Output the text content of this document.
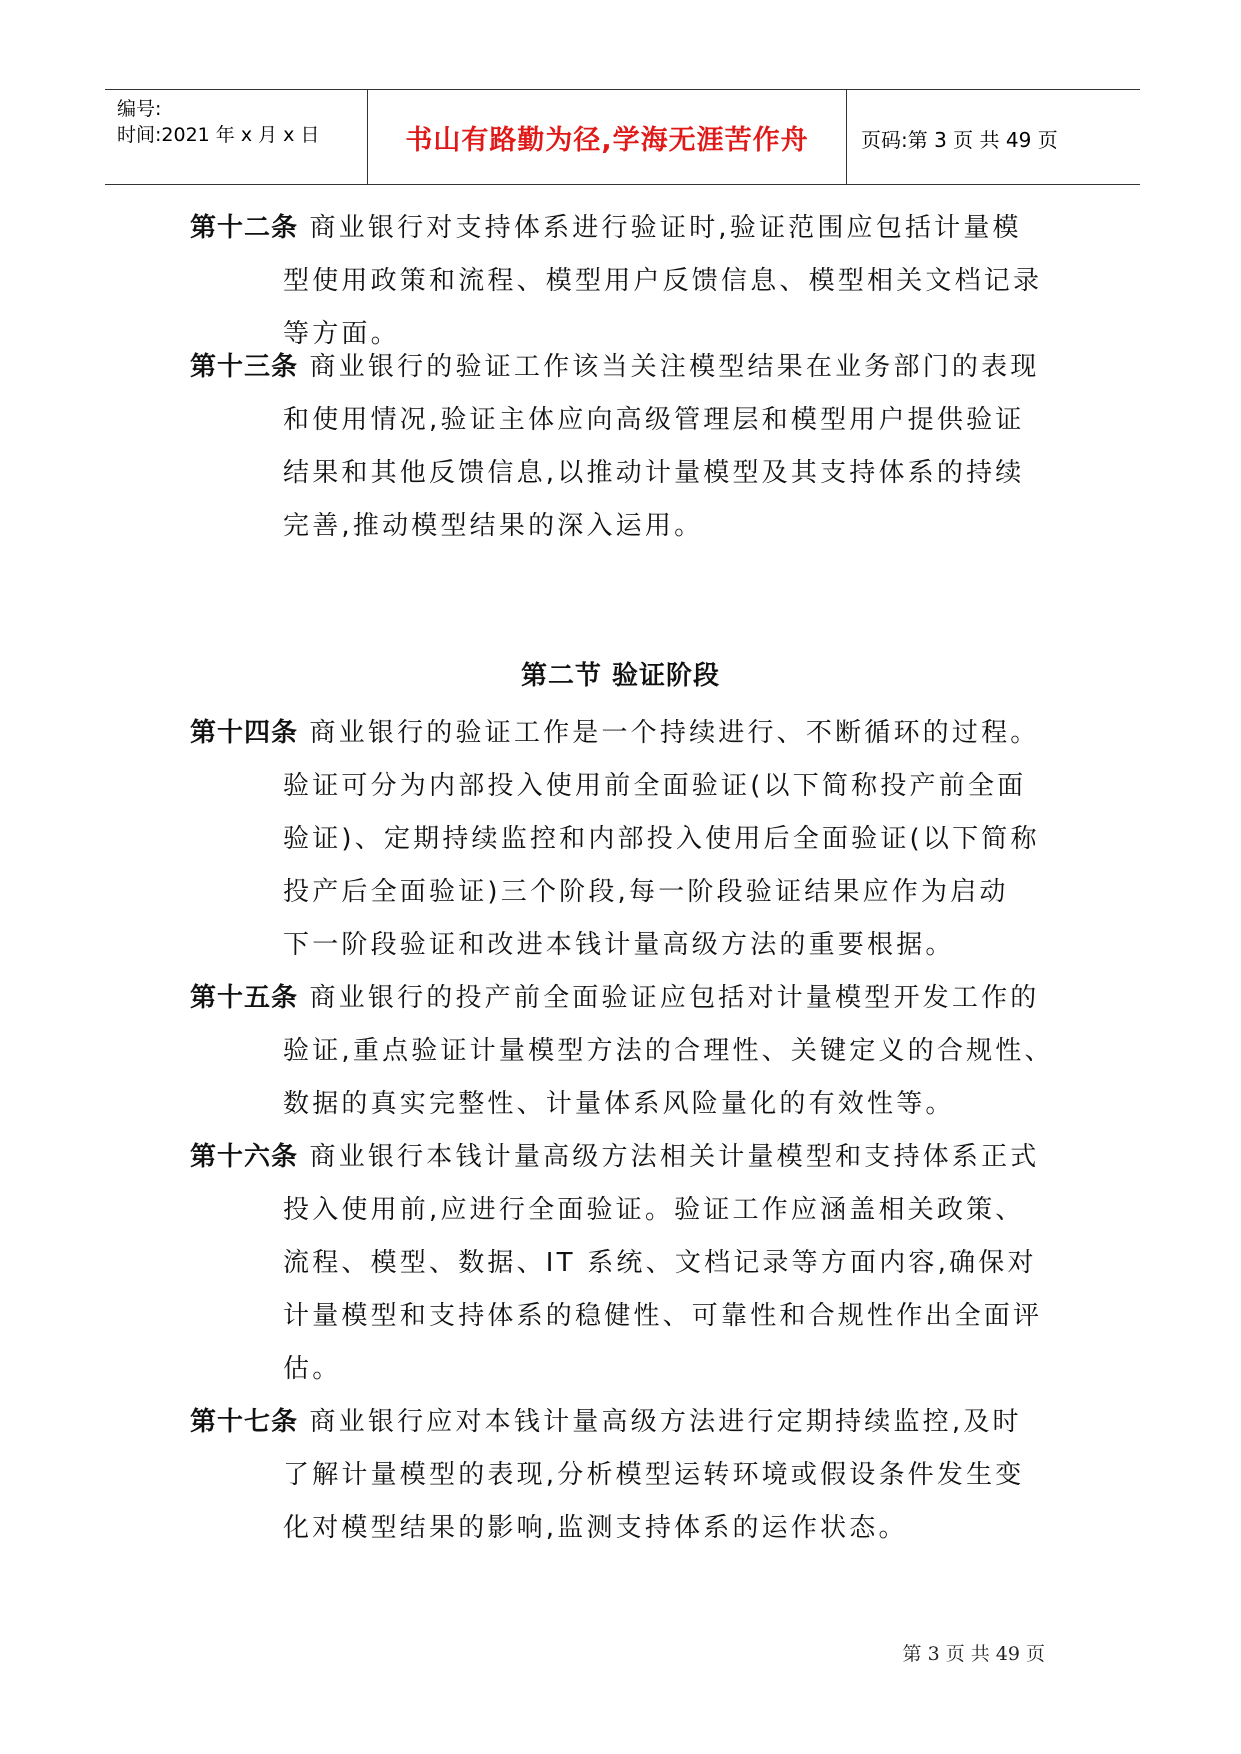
编号:
时间:2021 年 x 月 x 日	书山有路勤为径,学海无涯苦作舟	页码:第 3 页 共 49 页
第十二条 商业银行对支持体系进行验证时,验证范围应包括计量模
型使用政策和流程、模型用户反馈信息、模型相关文档记录
等方面。
第十三条 商业银行的验证工作该当关注模型结果在业务部门的表现
和使用情况,验证主体应向高级管理层和模型用户提供验证
结果和其他反馈信息,以推动计量模型及其支持体系的持续
完善,推动模型结果的深入运用。
第二节 验证阶段
第十四条 商业银行的验证工作是一个持续进行、不断循环的过程。
验证可分为内部投入使用前全面验证(以下简称投产前全面
验证)、定期持续监控和内部投入使用后全面验证(以下简称
投产后全面验证)三个阶段,每一阶段验证结果应作为启动
下一阶段验证和改进本钱计量高级方法的重要根据。
第十五条 商业银行的投产前全面验证应包括对计量模型开发工作的
验证,重点验证计量模型方法的合理性、关键定义的合规性、
数据的真实完整性、计量体系风险量化的有效性等。
第十六条 商业银行本钱计量高级方法相关计量模型和支持体系正式
投入使用前,应进行全面验证。验证工作应涵盖相关政策、
流程、模型、数据、IT 系统、文档记录等方面内容,确保对
计量模型和支持体系的稳健性、可靠性和合规性作出全面评
估。
第十七条 商业银行应对本钱计量高级方法进行定期持续监控,及时
了解计量模型的表现,分析模型运转环境或假设条件发生变
化对模型结果的影响,监测支持体系的运作状态。
第 3 页 共 49 页
